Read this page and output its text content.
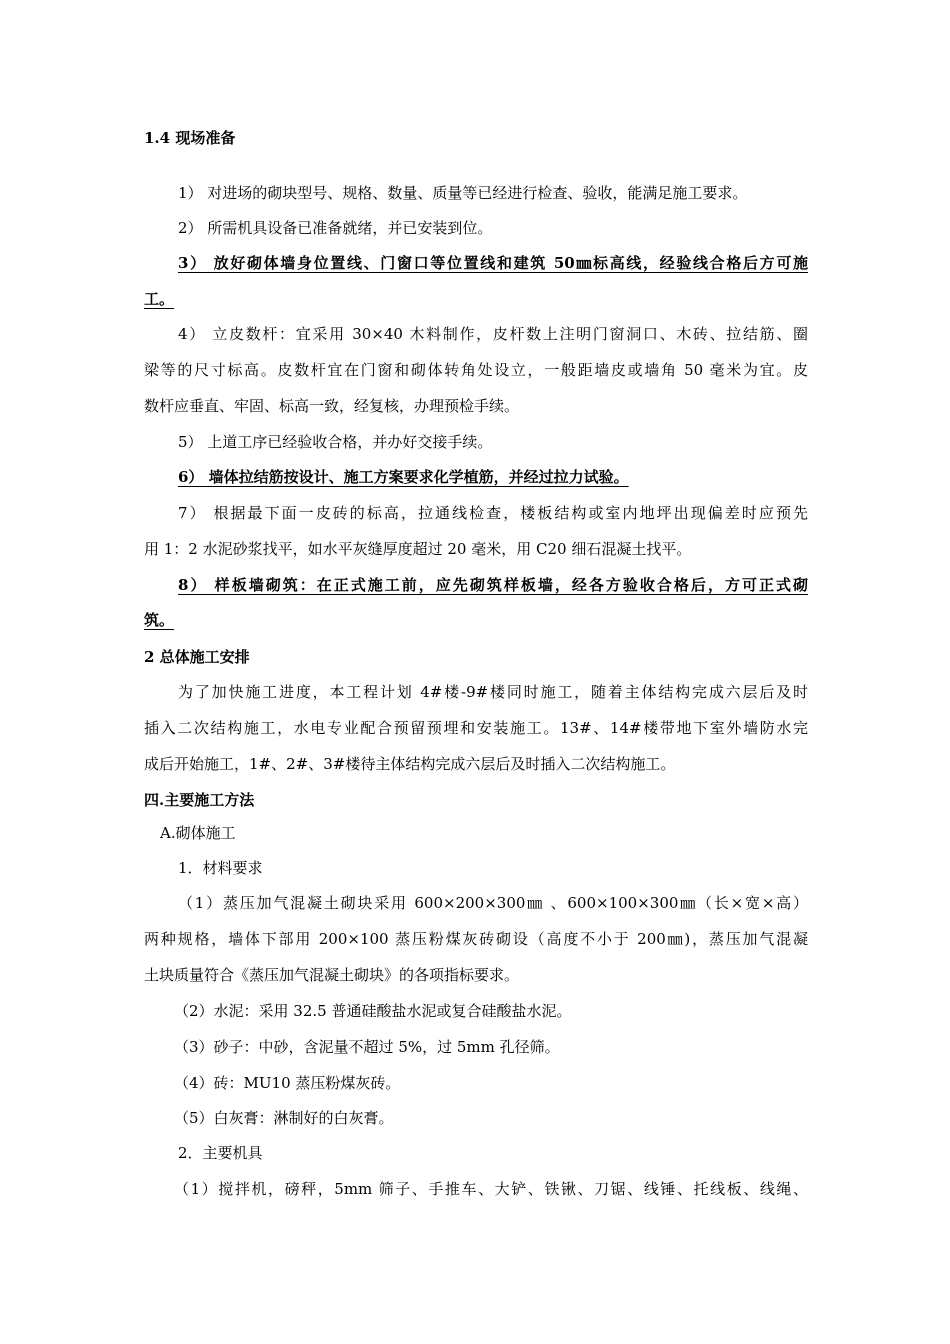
1.4 现场准备
1） 对进场的砌块型号、规格、数量、质量等已经进行检查、验收，能满足施工要求。
2） 所需机具设备已准备就绪，并已安装到位。
3） 放好砌体墙身位置线、门窗口等位置线和建筑 50㎜标高线，经验线合格后方可施
工。
4） 立皮数杆：宜采用 30×40 木料制作，皮杆数上注明门窗洞口、木砖、拉结筋、圈
梁等的尺寸标高。皮数杆宜在门窗和砌体转角处设立，一般距墙皮或墙角 50 毫米为宜。皮
数杆应垂直、牢固、标高一致，经复核，办理预检手续。
5） 上道工序已经验收合格，并办好交接手续。
6） 墙体拉结筋按设计、施工方案要求化学植筋，并经过拉力试验。
7） 根据最下面一皮砖的标高，拉通线检查，楼板结构或室内地坪出现偏差时应预先
用 1：2 水泥砂浆找平，如水平灰缝厚度超过 20 毫米，用 C20 细石混凝土找平。
8） 样板墙砌筑：在正式施工前，应先砌筑样板墙，经各方验收合格后，方可正式砌
筑。
2 总体施工安排
为了加快施工进度，本工程计划 4#楼-9#楼同时施工，随着主体结构完成六层后及时
插入二次结构施工，水电专业配合预留预埋和安装施工。13#、14#楼带地下室外墙防水完
成后开始施工，1#、2#、3#楼待主体结构完成六层后及时插入二次结构施工。
四.主要施工方法
A.砌体施工
1．材料要求
（1）蒸压加气混凝土砌块采用 600×200×300㎜ 、600×100×300㎜（长×宽×高）
两种规格，墙体下部用 200×100 蒸压粉煤灰砖砌设（高度不小于 200㎜)，蒸压加气混凝
土块质量符合《蒸压加气混凝土砌块》的各项指标要求。
（2）水泥：采用 32.5 普通硅酸盐水泥或复合硅酸盐水泥。
（3）砂子：中砂，含泥量不超过 5%，过 5mm 孔径筛。
（4）砖：MU10 蒸压粉煤灰砖。
（5）白灰膏：淋制好的白灰膏。
2．主要机具
（1）搅拌机，磅秤，5mm 筛子、手推车、大铲、铁锹、刀锯、线锤、托线板、线绳、
